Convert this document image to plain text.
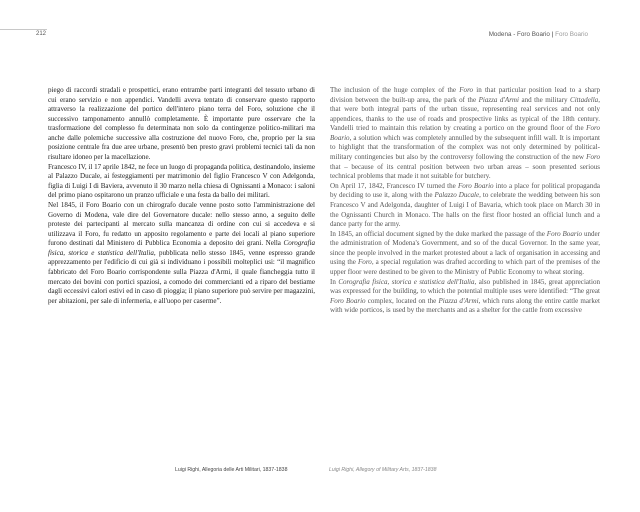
212	Modena - Foro Boario | Foro Boario

piego di raccordi stradali e prospettici, erano entrambe parti integranti del tessuto urbano di cui erano servizio e non appendici. Vandelli aveva tentato di conservare questo rapporto attraverso la realizzazione del portico dell'intero piano terra del Foro, soluzione che il successivo tamponamento annullò completamente. È importante pure osservare che la trasformazione del complesso fu determinata non solo da contingenze politico-militari ma anche dalle polemiche successive alla costruzione del nuovo Foro, che, proprio per la sua posizione centrale fra due aree urbane, presentò ben presto gravi problemi tecnici tali da non risultare idoneo per la macellazione.

Francesco IV, il 17 aprile 1842, ne fece un luogo di propaganda politica, destinandolo, insieme al Palazzo Ducale, ai festeggiamenti per matrimonio del figlio Francesco V con Adelgonda, figlia di Luigi I di Baviera, avvenuto il 30 marzo nella chiesa di Ognissanti a Monaco: i saloni del primo piano ospitarono un pranzo ufficiale e una festa da ballo dei militari.

Nel 1845, il Foro Boario con un chirografo ducale venne posto sotto l'amministrazione del Governo di Modena, vale dire del Governatore ducale: nello stesso anno, a seguito delle proteste dei partecipanti al mercato sulla mancanza di ordine con cui si accedeva e si utilizzava il Foro, fu redatto un apposito regolamento e parte dei locali al piano superiore furono destinati dal Ministero di Pubblica Economia a deposito dei grani. Nella Corografia fisica, storica e statistica dell'Italia, pubblicata nello stesso 1845, venne espresso grande apprezzamento per l'edificio di cui già si individuano i possibili molteplici usi: “il magnifico fabbricato del Foro Boario corrispondente sulla Piazza d'Armi, il quale fiancheggia tutto il mercato dei bovini con portici spaziosi, a comodo dei commercianti ed a riparo del bestiame dagli eccessivi calori estivi ed in caso di pioggia; il piano superiore può servire per magazzini, per abitazioni, per sale di infermeria, e all'uopo per caserme”.

The inclusion of the huge complex of the Foro in that particular position lead to a sharp division between the built-up area, the park of the Piazza d'Armi and the military Cittadella, that were both integral parts of the urban tissue, representing real services and not only appendices, thanks to the use of roads and prospective links as typical of the 18th century. Vandelli tried to maintain this relation by creating a portico on the ground floor of the Foro Boario, a solution which was completely annulled by the subsequent infill wall. It is important to highlight that the transformation of the complex was not only determined by political-military contingencies but also by the controversy following the construction of the new Foro that – because of its central position between two urban areas – soon presented serious technical problems that made it not suitable for butchery.

On April 17, 1842, Francesco IV turned the Foro Boario into a place for political propaganda by deciding to use it, along with the Palazzo Ducale, to celebrate the wedding between his son Francesco V and Adelgonda, daughter of Luigi I of Bavaria, which took place on March 30 in the Ognissanti Church in Monaco. The halls on the first floor hosted an official lunch and a dance party for the army.

In 1845, an official document signed by the duke marked the passage of the Foro Boario under the administration of Modena's Government, and so of the ducal Governor. In the same year, since the people involved in the market protested about a lack of organisation in accessing and using the Foro, a special regulation was drafted according to which part of the premises of the upper floor were destined to be given to the Ministry of Public Economy to wheat storing.

In Corografia fisica, storica e statistica dell'Italia, also published in 1845, great appreciation was expressed for the building, to which the potential multiple uses were identified: “The great Foro Boario complex, located on the Piazza d'Armi, which runs along the entire cattle market with wide porticos, is used by the merchants and as a shelter for the cattle from excessive

Luigi Righi, Allegoria delle Arti Militari, 1837-1838	Luigi Righi, Allegory of Military Arts, 1837-1838
